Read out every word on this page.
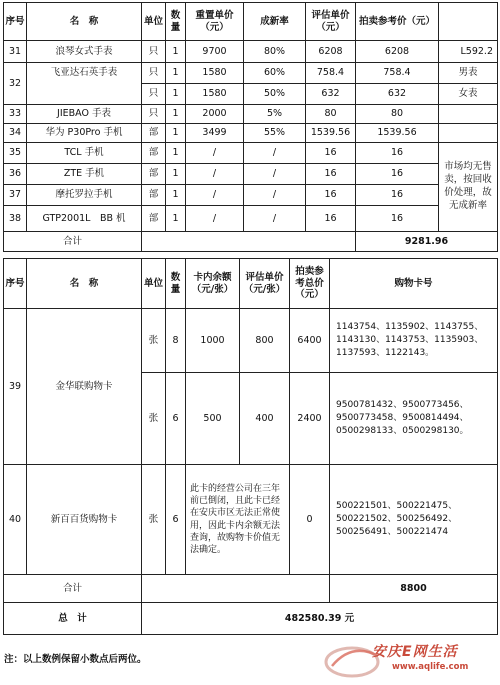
序号	名　称	单位	数量	重置单价（元）	成新率	评估单价（元）	拍卖参考价（元）	
31	浪琴女式手表	只	1	9700	80%	6208	6208	L592.2
32	飞亚达石英手表	只	1	1580	60%	758.4	758.4	男表
		只	1	1580	50%	632	632	女表
33	JIEBAO 手表	只	1	2000	5%	80	80	
34	华为 P30Pro 手机	部	1	3499	55%	1539.56	1539.56	
35	TCL 手机	部	1	/	/	16	16	市场均无售卖，按回收价处理，故无成新率
36	ZTE 手机	部	1	/	/	16	16	
37	摩托罗拉手机	部	1	/	/	16	16	
38	GTP2001L　BB 机	部	1	/	/	16	16	
合计							9281.96	
序号	名　称	单位	数量	卡内余额（元/张）	评估单价（元/张）	拍卖参考总价（元）	购物卡号
39	金华联购物卡	张	8	1000	800	6400	1143754、1135902、1143755、1143130、1143753、1135903、1137593、1122143。
		张	6	500	400	2400	9500781432、9500773456、9500773458、9500814494、0500298133、0500298130。
40	新百百货购物卡	张	6	此卡的经营公司在三年前已倒闭，且此卡已经在安庆市区无法正常使用，因此卡内余额无法查询，故购物卡价值无法确定。		0	500221501、500221475、500221502、500256492、500256491、500221474
合计							8800
总　计		482580.39 元					
注：以上数例保留小数点后两位。	安庆E网生活
www.aqlife.com
